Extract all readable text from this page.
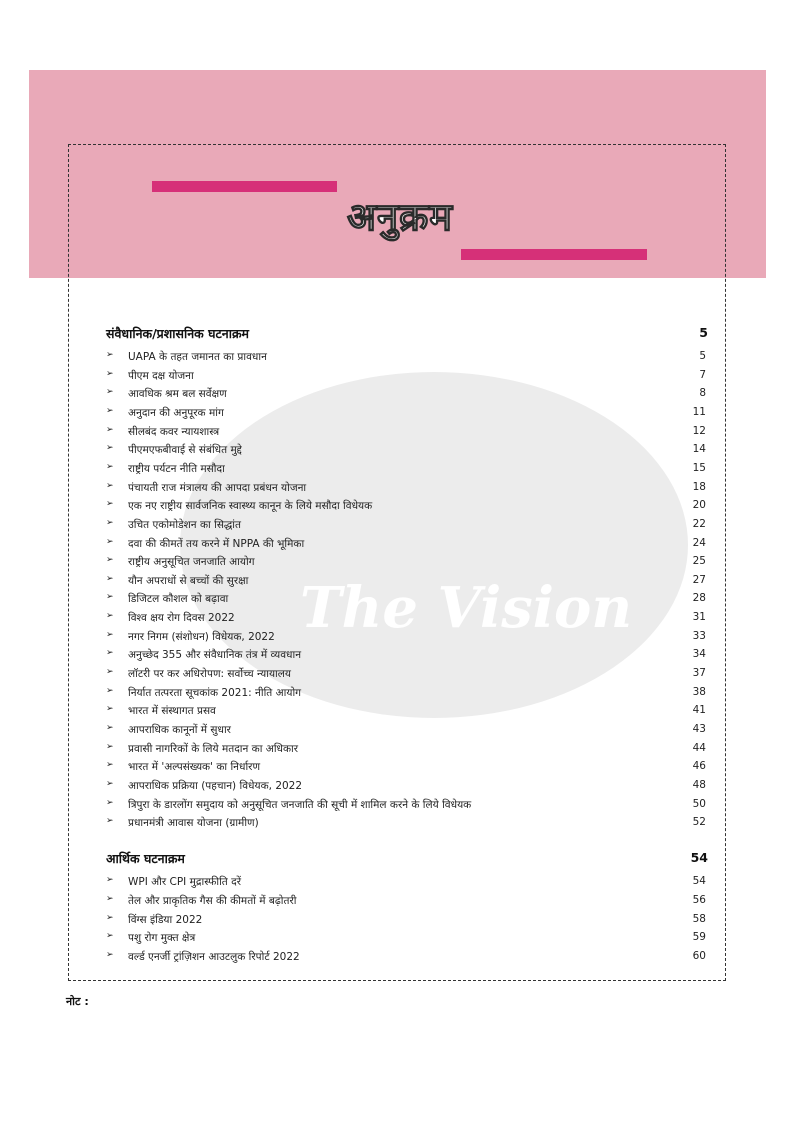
The Vision
अनुक्रम
संवैधानिक/प्रशासनिक घटनाक्रम	5
➢ UAPA के तहत जमानत का प्रावधान	5
➢ पीएम दक्ष योजना	7
➢ आवधिक श्रम बल सर्वेक्षण	8
➢ अनुदान की अनुपूरक मांग	11
➢ सीलबंद कवर न्यायशास्त्र	12
➢ पीएमएफबीवाई से संबंधित मुद्दे	14
➢ राष्ट्रीय पर्यटन नीति मसौदा	15
➢ पंचायती राज मंत्रालय की आपदा प्रबंधन योजना	18
➢ एक नए राष्ट्रीय सार्वजनिक स्वास्थ्य कानून के लिये मसौदा विधेयक	20
➢ उचित एकोमोडेशन का सिद्धांत	22
➢ दवा की कीमतें तय करने में NPPA की भूमिका	24
➢ राष्ट्रीय अनुसूचित जनजाति आयोग	25
➢ यौन अपराधों से बच्चों की सुरक्षा	27
➢ डिजिटल कौशल को बढ़ावा	28
➢ विश्व क्षय रोग दिवस 2022	31
➢ नगर निगम (संशोधन) विधेयक, 2022	33
➢ अनुच्छेद 355 और संवैधानिक तंत्र में व्यवधान	34
➢ लॉटरी पर कर अधिरोपण: सर्वोच्च न्यायालय	37
➢ निर्यात तत्परता सूचकांक 2021: नीति आयोग	38
➢ भारत में संस्थागत प्रसव	41
➢ आपराधिक कानूनों में सुधार	43
➢ प्रवासी नागरिकों के लिये मतदान का अधिकार	44
➢ भारत में 'अल्पसंख्यक' का निर्धारण	46
➢ आपराधिक प्रक्रिया (पहचान) विधेयक, 2022	48
➢ त्रिपुरा के डारलोंग समुदाय को अनुसूचित जनजाति की सूची में शामिल करने के लिये विधेयक	50
➢ प्रधानमंत्री आवास योजना (ग्रामीण)	52
आर्थिक घटनाक्रम	54
➢ WPI और CPI मुद्रास्फीति दरें	54
➢ तेल और प्राकृतिक गैस की कीमतों में बढ़ोतरी	56
➢ विंग्स इंडिया 2022	58
➢ पशु रोग मुक्त क्षेत्र	59
➢ वर्ल्ड एनर्जी ट्रांज़िशन आउटलुक रिपोर्ट 2022	60
नोट :
